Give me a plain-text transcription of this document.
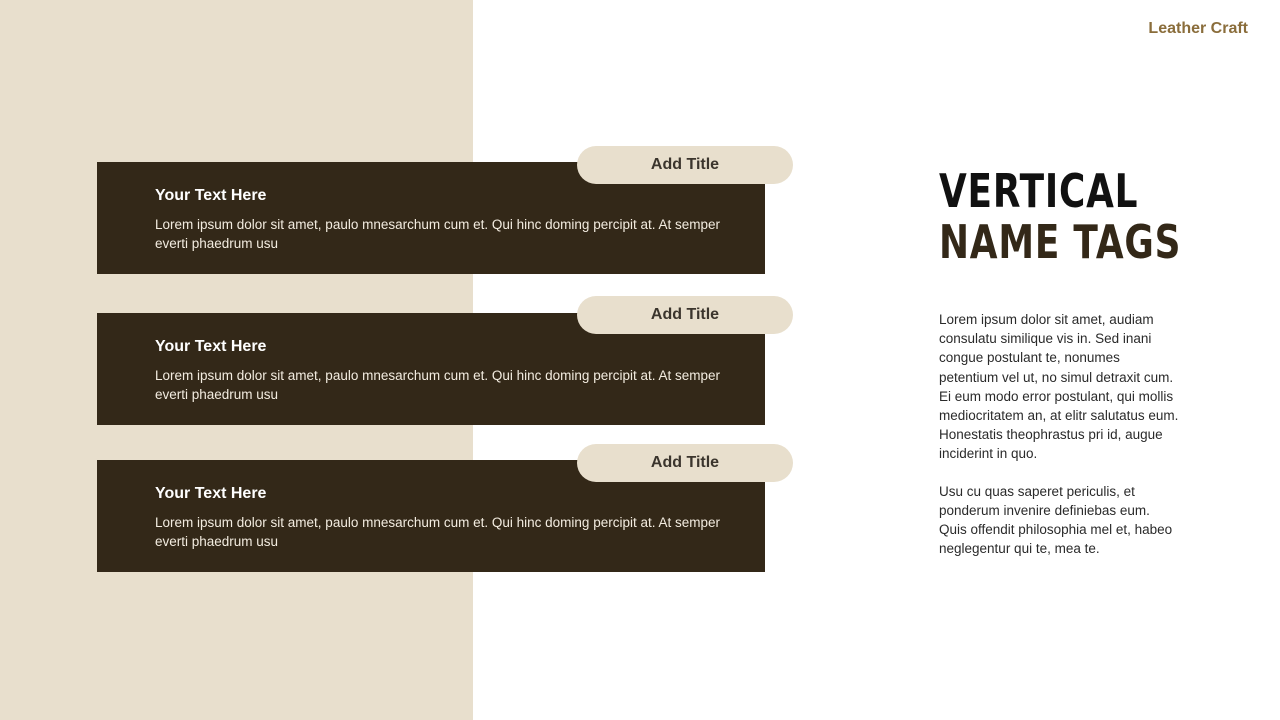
Leather Craft
Your Text Here
Lorem ipsum dolor sit amet, paulo mnesarchum cum et. Qui hinc doming percipit at. At semper everti phaedrum usu
Add Title
Your Text Here
Lorem ipsum dolor sit amet, paulo mnesarchum cum et. Qui hinc doming percipit at. At semper everti phaedrum usu
Add Title
Your Text Here
Lorem ipsum dolor sit amet, paulo mnesarchum cum et. Qui hinc doming percipit at. At semper everti phaedrum usu
Add Title
VERTICAL
NAME TAGS

Lorem ipsum dolor sit amet, audiam consulatu similique vis in. Sed inani congue postulant te, nonumes petentium vel ut, no simul detraxit cum. Ei eum modo error postulant, qui mollis mediocritatem an, at elitr salutatus eum. Honestatis theophrastus pri id, augue inciderint in quo.

Usu cu quas saperet periculis, et ponderum invenire definiebas eum. Quis offendit philosophia mel et, habeo neglegentur qui te, mea te.
